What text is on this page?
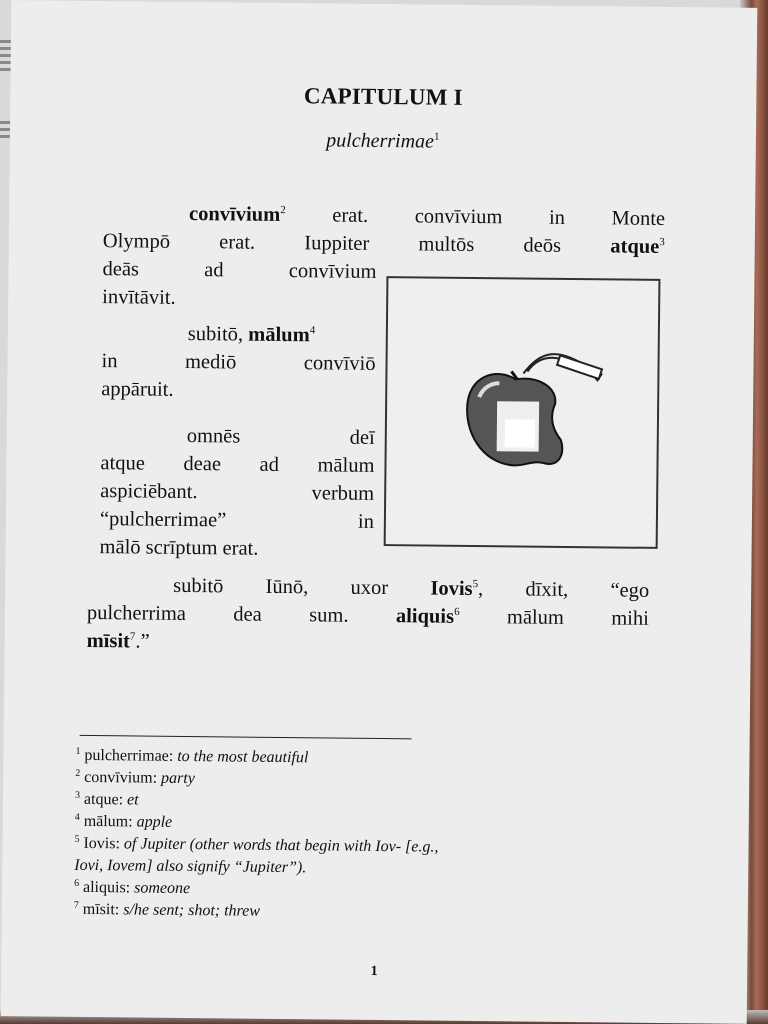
CAPITULUM I
pulcherrimae$^1$
convīvium$^2$ erat. convīvium in Monte
Olympō erat. Iuppiter multōs deōs atque$^3$
deās ad convīvium
invītāvit.
subitō, mālum$^4$
in mediō convīviō
appāruit.
omnēs deī
atque deae ad mālum
aspiciēbant. verbum
“pulcherrimae” in
mālō scrīptum erat.
subitō Iūnō, uxor Iovis$^5$, dīxit, “ego
pulcherrima dea sum. aliquis$^6$ mālum mihi
mīsit$^7$.”
$^1$ pulcherrimae: to the most beautiful
$^2$ convīvium: party
$^3$ atque: et
$^4$ mālum: apple
$^5$ Iovis: of Jupiter (other words that begin with Iov- [e.g.,
Iovi, Iovem] also signify “Jupiter”).
$^6$ aliquis: someone
$^7$ mīsit: s/he sent; shot; threw
1
